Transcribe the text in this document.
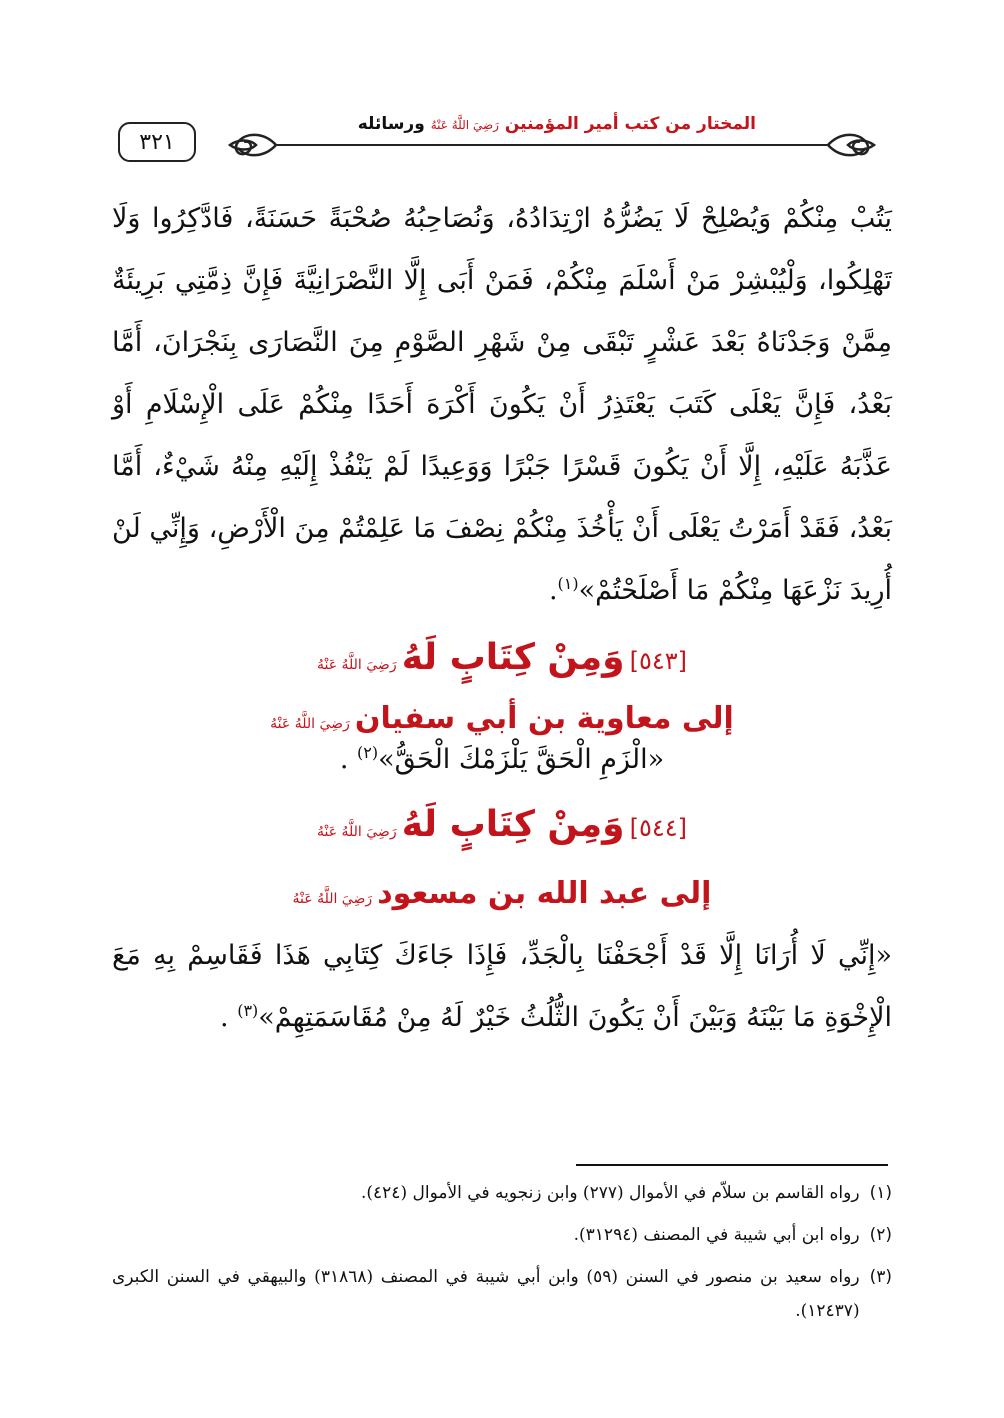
٣٢١
المختار من كتب أمير المؤمنين رَضِيَ اللَّهُ عَنْهُ ورسائله

يَتُبْ مِنْكُمْ وَيُصْلِحْ لَا يَضُرُّهُ ارْتِدَادُهُ، وَنُصَاحِبُهُ صُحْبَةً حَسَنَةً، فَادَّكِرُوا وَلَا تَهْلِكُوا، وَلْيُبْشِرْ مَنْ أَسْلَمَ مِنْكُمْ، فَمَنْ أَبَى إِلَّا النَّصْرَانِيَّةَ فَإِنَّ ذِمَّتِي بَرِيئَةٌ مِمَّنْ وَجَدْنَاهُ بَعْدَ عَشْرٍ تَبْقَى مِنْ شَهْرِ الصَّوْمِ مِنَ النَّصَارَى بِنَجْرَانَ، أَمَّا بَعْدُ، فَإِنَّ يَعْلَى كَتَبَ يَعْتَذِرُ أَنْ يَكُونَ أَكْرَهَ أَحَدًا مِنْكُمْ عَلَى الْإِسْلَامِ أَوْ عَذَّبَهُ عَلَيْهِ، إِلَّا أَنْ يَكُونَ قَسْرًا جَبْرًا وَوَعِيدًا لَمْ يَنْفُذْ إِلَيْهِ مِنْهُ شَيْءٌ، أَمَّا بَعْدُ، فَقَدْ أَمَرْتُ يَعْلَى أَنْ يَأْخُذَ مِنْكُمْ نِصْفَ مَا عَلِمْتُمْ مِنَ الْأَرْضِ، وَإِنِّي لَنْ أُرِيدَ نَزْعَهَا مِنْكُمْ مَا أَصْلَحْتُمْ»$^{(١)}$.

[٥٤٣] وَمِنْ كِتَابٍ لَهُ رَضِيَ اللَّهُ عَنْهُ

إلى معاوية بن أبي سفيان رَضِيَ اللَّهُ عَنْهُ

«الْزَمِ الْحَقَّ يَلْزَمْكَ الْحَقُّ»$^{(٢)}$ .

[٥٤٤] وَمِنْ كِتَابٍ لَهُ رَضِيَ اللَّهُ عَنْهُ

إلى عبد الله بن مسعود رَضِيَ اللَّهُ عَنْهُ

«إِنِّي لَا أُرَانَا إِلَّا قَدْ أَجْحَفْنَا بِالْجَدِّ، فَإِذَا جَاءَكَ كِتَابِي هَذَا فَقَاسِمْ بِهِ مَعَ الْإِخْوَةِ مَا بَيْنَهُ وَبَيْنَ أَنْ يَكُونَ الثُّلُثُ خَيْرٌ لَهُ مِنْ مُقَاسَمَتِهِمْ»$^{(٣)}$ .

(١)
رواه القاسم بن سلاّم في الأموال (٢٧٧) وابن زنجويه في الأموال (٤٢٤).
(٢)
رواه ابن أبي شيبة في المصنف (٣١٢٩٤).
(٣)
رواه سعيد بن منصور في السنن (٥٩) وابن أبي شيبة في المصنف (٣١٨٦٨) والبيهقي في السنن الكبرى (١٢٤٣٧).
